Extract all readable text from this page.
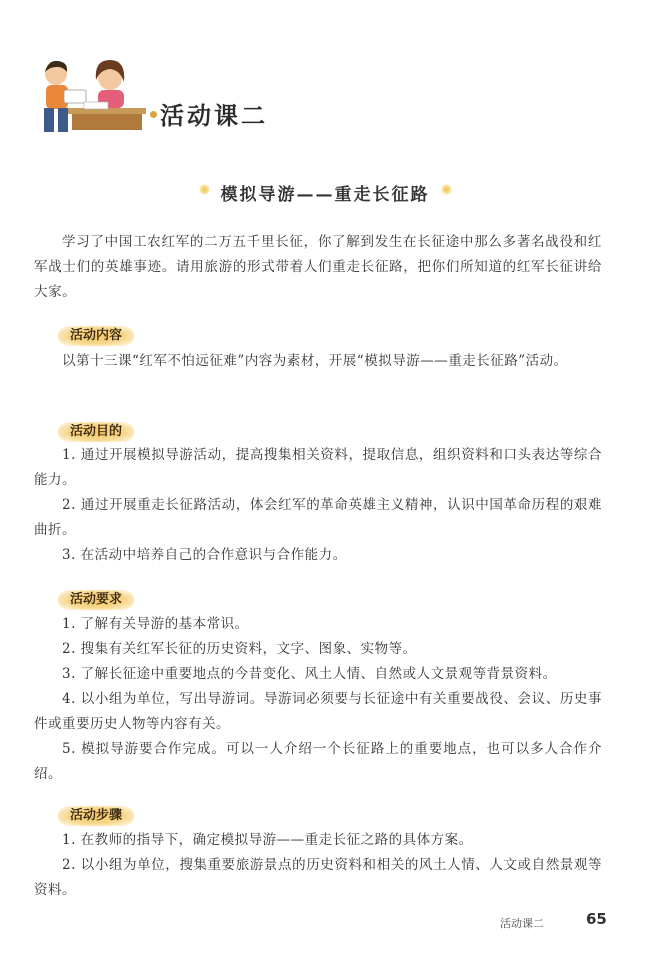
活动课二
模拟导游——重走长征路
学习了中国工农红军的二万五千里长征，你了解到发生在长征途中那么多著名战役和红军战士们的英雄事迹。请用旅游的形式带着人们重走长征路，把你们所知道的红军长征讲给大家。
活动内容
以第十三课“红军不怕远征难”内容为素材，开展“模拟导游——重走长征路”活动。
活动目的
1. 通过开展模拟导游活动，提高搜集相关资料，提取信息，组织资料和口头表达等综合能力。
2. 通过开展重走长征路活动，体会红军的革命英雄主义精神，认识中国革命历程的艰难曲折。
3. 在活动中培养自己的合作意识与合作能力。
活动要求
1. 了解有关导游的基本常识。
2. 搜集有关红军长征的历史资料，文字、图象、实物等。
3. 了解长征途中重要地点的今昔变化、风土人情、自然或人文景观等背景资料。
4. 以小组为单位，写出导游词。导游词必须要与长征途中有关重要战役、会议、历史事件或重要历史人物等内容有关。
5. 模拟导游要合作完成。可以一人介绍一个长征路上的重要地点，也可以多人合作介绍。
活动步骤
1. 在教师的指导下，确定模拟导游——重走长征之路的具体方案。
2. 以小组为单位，搜集重要旅游景点的历史资料和相关的风土人情、人文或自然景观等资料。
活动课二	65
